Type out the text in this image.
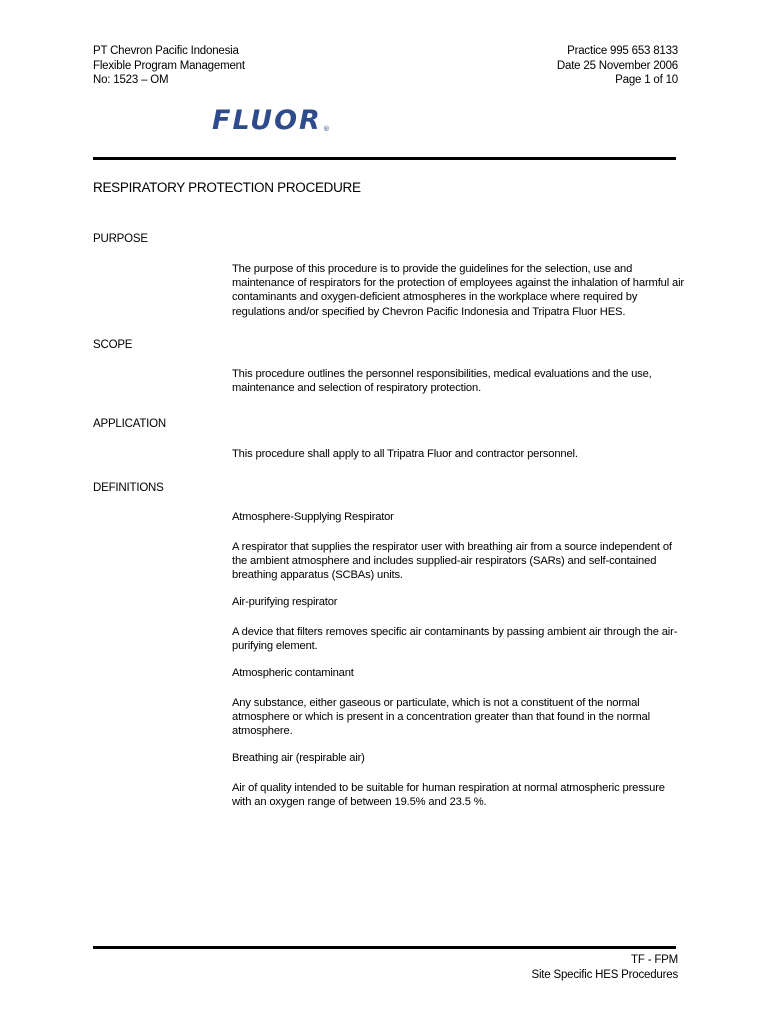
PT Chevron Pacific Indonesia
Flexible Program Management
No: 1523 – OM
Practice 995 653 8133
Date 25 November 2006
Page 1 of 10
FLUOR ®
RESPIRATORY PROTECTION PROCEDURE
PURPOSE
The purpose of this procedure is to provide the guidelines for the selection, use and
maintenance of respirators for the protection of employees against the inhalation of harmful air
contaminants and oxygen-deficient atmospheres in the workplace where required by
regulations and/or specified by Chevron Pacific Indonesia and Tripatra Fluor HES.
SCOPE
This procedure outlines the personnel responsibilities, medical evaluations and the use,
maintenance and selection of respiratory protection.
APPLICATION
This procedure shall apply to all Tripatra Fluor and contractor personnel.
DEFINITIONS
Atmosphere-Supplying Respirator
A respirator that supplies the respirator user with breathing air from a source independent of
the ambient atmosphere and includes supplied-air respirators (SARs) and self-contained
breathing apparatus (SCBAs) units.
Air-purifying respirator
A device that filters removes specific air contaminants by passing ambient air through the air-
purifying element.
Atmospheric contaminant
Any substance, either gaseous or particulate, which is not a constituent of the normal
atmosphere or which is present in a concentration greater than that found in the normal
atmosphere.
Breathing air (respirable air)
Air of quality intended to be suitable for human respiration at normal atmospheric pressure
with an oxygen range of between 19.5% and 23.5 %.
TF - FPM
Site Specific HES Procedures
